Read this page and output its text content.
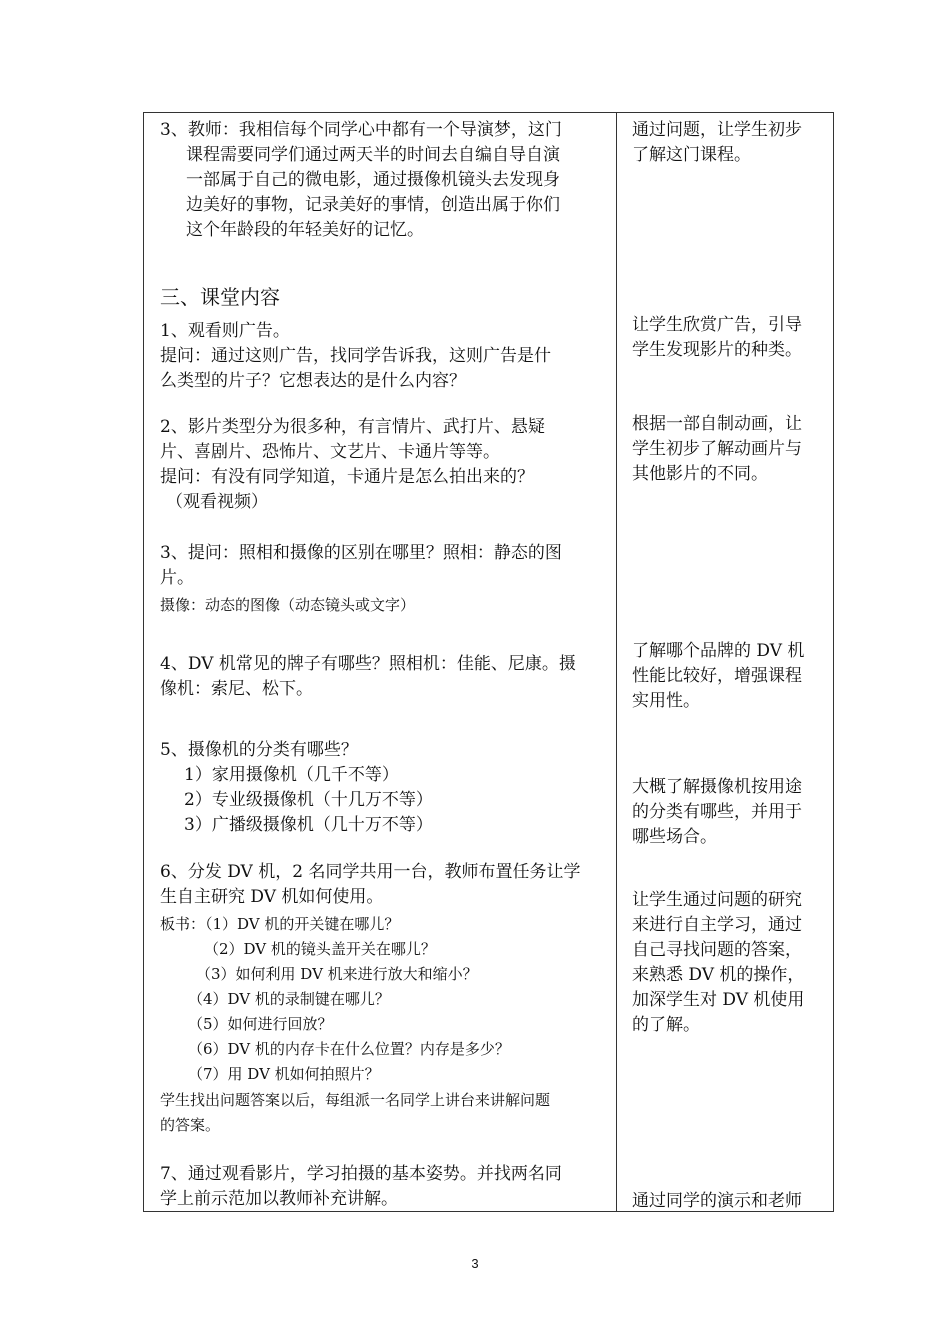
3、教师：我相信每个同学心中都有一个导演梦，这门
课程需要同学们通过两天半的时间去自编自导自演
一部属于自己的微电影，通过摄像机镜头去发现身
边美好的事物，记录美好的事情，创造出属于你们
这个年龄段的年轻美好的记忆。
三、课堂内容
1、观看则广告。
提问：通过这则广告，找同学告诉我，这则广告是什
么类型的片子？它想表达的是什么内容？
2、影片类型分为很多种，有言情片、武打片、悬疑
片、喜剧片、恐怖片、文艺片、卡通片等等。
提问：有没有同学知道，卡通片是怎么拍出来的？
（观看视频）
3、提问：照相和摄像的区别在哪里？照相：静态的图
片。
摄像：动态的图像（动态镜头或文字）
4、DV 机常见的牌子有哪些？照相机：佳能、尼康。摄
像机：索尼、松下。
5、摄像机的分类有哪些？
1）家用摄像机（几千不等）
2）专业级摄像机（十几万不等）
3）广播级摄像机（几十万不等）
6、分发 DV 机，2 名同学共用一台，教师布置任务让学
生自主研究 DV 机如何使用。
板书：（1）DV 机的开关键在哪儿？
（2）DV 机的镜头盖开关在哪儿？
（3）如何利用 DV 机来进行放大和缩小？
（4）DV 机的录制键在哪儿？
（5）如何进行回放？
（6）DV 机的内存卡在什么位置？内存是多少？
（7）用 DV 机如何拍照片？
学生找出问题答案以后，每组派一名同学上讲台来讲解问题
的答案。
7、通过观看影片，学习拍摄的基本姿势。并找两名同
学上前示范加以教师补充讲解。
通过问题，让学生初步
了解这门课程。
让学生欣赏广告，引导
学生发现影片的种类。
根据一部自制动画，让
学生初步了解动画片与
其他影片的不同。
了解哪个品牌的 DV 机
性能比较好，增强课程
实用性。
大概了解摄像机按用途
的分类有哪些，并用于
哪些场合。
让学生通过问题的研究
来进行自主学习，通过
自己寻找问题的答案，
来熟悉 DV 机的操作，
加深学生对 DV 机使用
的了解。
通过同学的演示和老师
3
